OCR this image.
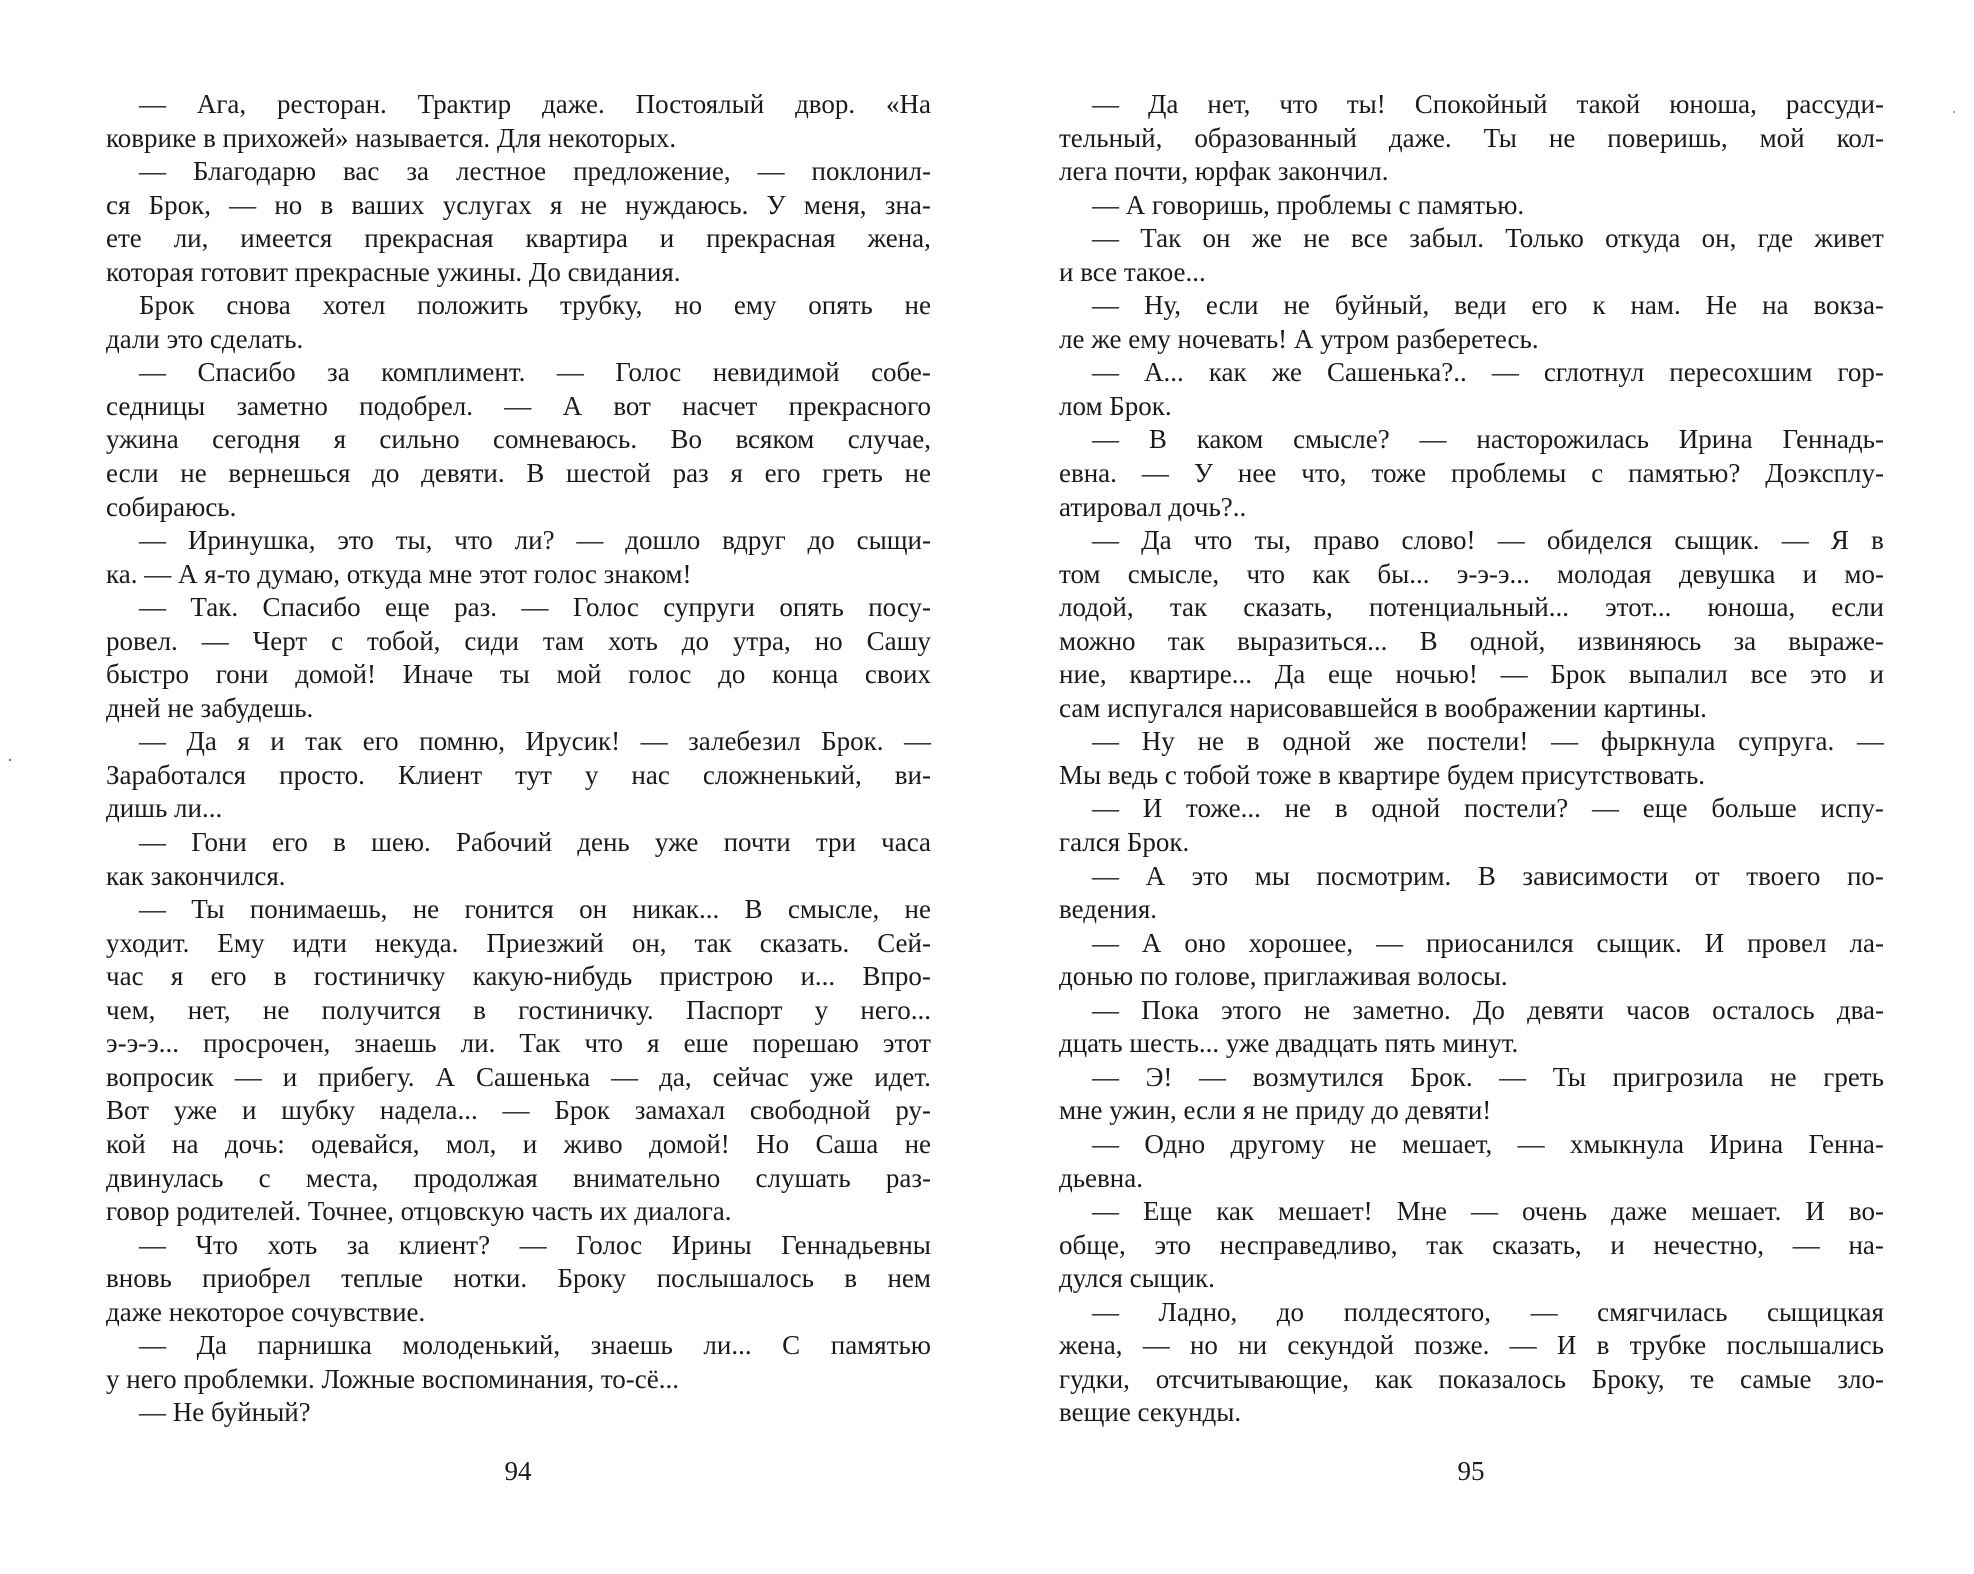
— Ага, ресторан. Трактир даже. Постоялый двор. «На
коврике в прихожей» называется. Для некоторых.
— Благодарю вас за лестное предложение, — поклонил-
ся Брок, — но в ваших услугах я не нуждаюсь. У меня, зна-
ете ли, имеется прекрасная квартира и прекрасная жена,
которая готовит прекрасные ужины. До свидания.
Брок снова хотел положить трубку, но ему опять не
дали это сделать.
— Спасибо за комплимент. — Голос невидимой собе-
седницы заметно подобрел. — А вот насчет прекрасного
ужина сегодня я сильно сомневаюсь. Во всяком случае,
если не вернешься до девяти. В шестой раз я его греть не
собираюсь.
— Иринушка, это ты, что ли? — дошло вдруг до сыщи-
ка. — А я-то думаю, откуда мне этот голос знаком!
— Так. Спасибо еще раз. — Голос супруги опять посу-
ровел. — Черт с тобой, сиди там хоть до утра, но Сашу
быстро гони домой! Иначе ты мой голос до конца своих
дней не забудешь.
— Да я и так его помню, Ирусик! — залебезил Брок. —
Заработался просто. Клиент тут у нас сложненький, ви-
дишь ли...
— Гони его в шею. Рабочий день уже почти три часа
как закончился.
— Ты понимаешь, не гонится он никак... В смысле, не
уходит. Ему идти некуда. Приезжий он, так сказать. Сей-
час я его в гостиничку какую-нибудь пристрою и... Впро-
чем, нет, не получится в гостиничку. Паспорт у него...
э-э-э... просрочен, знаешь ли. Так что я еше порешаю этот
вопросик — и прибегу. А Сашенька — да, сейчас уже идет.
Вот уже и шубку надела... — Брок замахал свободной ру-
кой на дочь: одевайся, мол, и живо домой! Но Саша не
двинулась с места, продолжая внимательно слушать раз-
говор родителей. Точнее, отцовскую часть их диалога.
— Что хоть за клиент? — Голос Ирины Геннадьевны
вновь приобрел теплые нотки. Броку послышалось в нем
даже некоторое сочувствие.
— Да парнишка молоденький, знаешь ли... С памятью
у него проблемки. Ложные воспоминания, то-сё...
— Не буйный?
— Да нет, что ты! Спокойный такой юноша, рассуди-
тельный, образованный даже. Ты не поверишь, мой кол-
лега почти, юрфак закончил.
— А говоришь, проблемы с памятью.
— Так он же не все забыл. Только откуда он, где живет
и все такое...
— Ну, если не буйный, веди его к нам. Не на вокза-
ле же ему ночевать! А утром разберетесь.
— А... как же Сашенька?.. — сглотнул пересохшим гор-
лом Брок.
— В каком смысле? — насторожилась Ирина Геннадь-
евна. — У нее что, тоже проблемы с памятью? Доэксплу-
атировал дочь?..
— Да что ты, право слово! — обиделся сыщик. — Я в
том смысле, что как бы... э-э-э... молодая девушка и мо-
лодой, так сказать, потенциальный... этот... юноша, если
можно так выразиться... В одной, извиняюсь за выраже-
ние, квартире... Да еще ночью! — Брок выпалил все это и
сам испугался нарисовавшейся в воображении картины.
— Ну не в одной же постели! — фыркнула супруга. —
Мы ведь с тобой тоже в квартире будем присутствовать.
— И тоже... не в одной постели? — еще больше испу-
гался Брок.
— А это мы посмотрим. В зависимости от твоего по-
ведения.
— А оно хорошее, — приосанился сыщик. И провел ла-
донью по голове, приглаживая волосы.
— Пока этого не заметно. До девяти часов осталось два-
дцать шесть... уже двадцать пять минут.
— Э! — возмутился Брок. — Ты пригрозила не греть
мне ужин, если я не приду до девяти!
— Одно другому не мешает, — хмыкнула Ирина Генна-
дьевна.
— Еще как мешает! Мне — очень даже мешает. И во-
обще, это несправедливо, так сказать, и нечестно, — на-
дулся сыщик.
— Ладно, до полдесятого, — смягчилась сыщицкая
жена, — но ни секундой позже. — И в трубке послышались
гудки, отсчитывающие, как показалось Броку, те самые зло-
вещие секунды.
94	95
